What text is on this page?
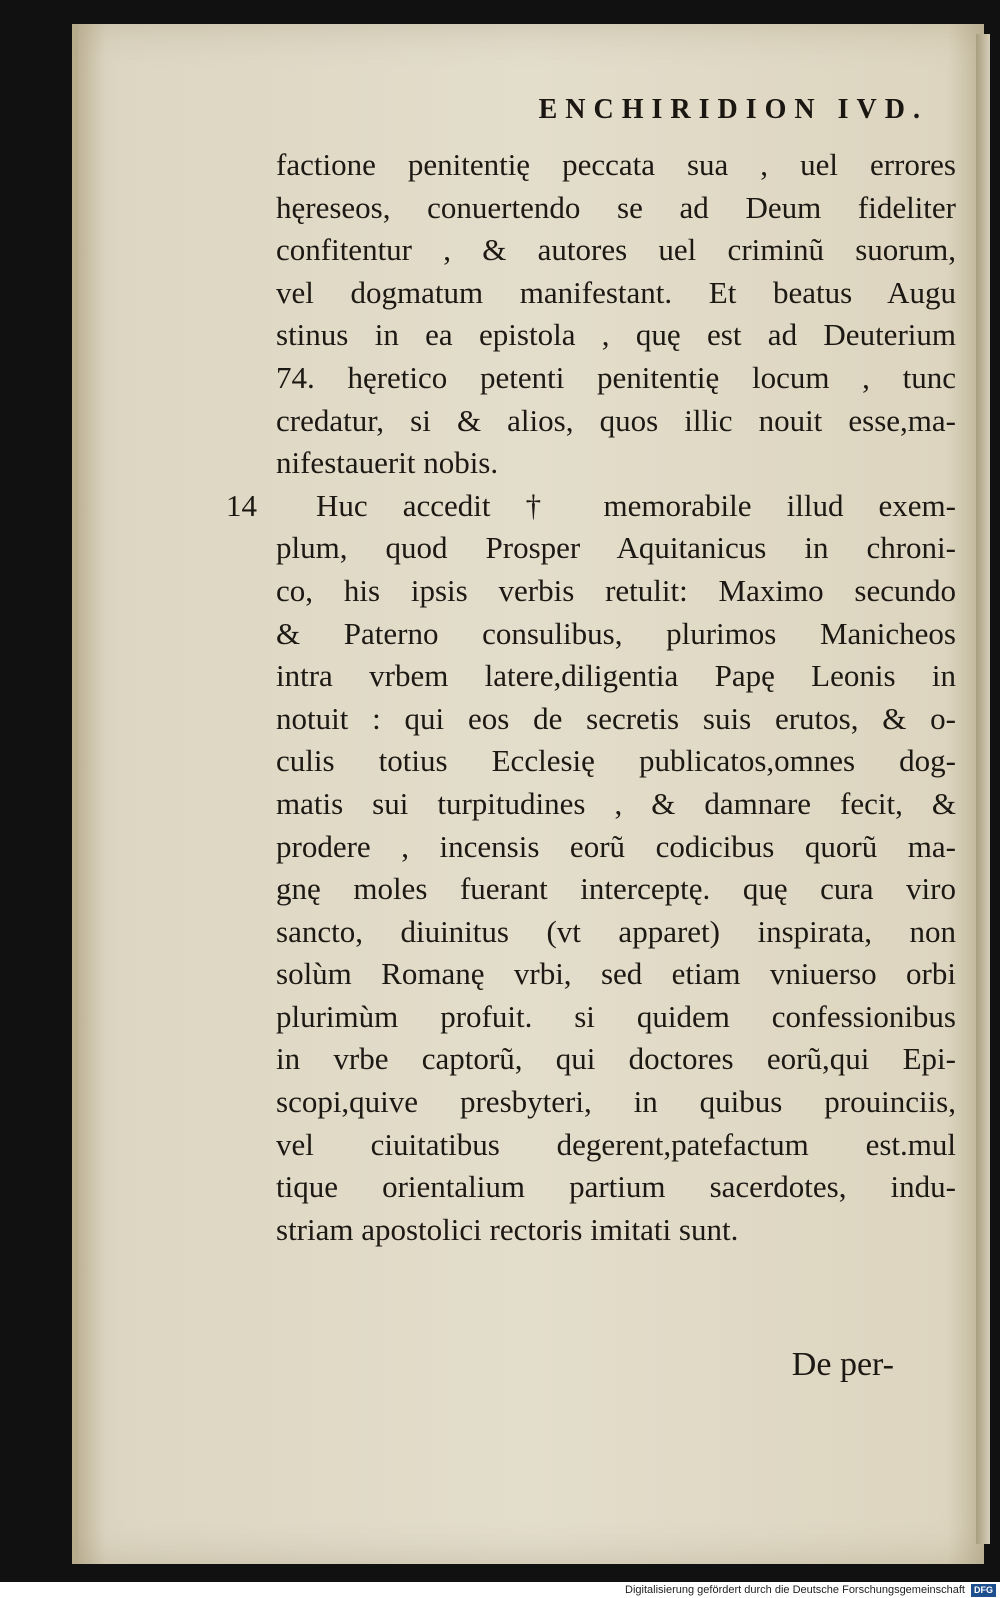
ENCHIRIDION IVD.
factione penitentię peccata sua , uel errores
hęreseos, conuertendo se ad Deum fideliter
confitentur , & autores uel criminũ suorum,
vel dogmatum manifestant. Et beatus Augu
stinus in ea epistola , quę est ad Deuterium
74. hęretico petenti penitentię locum , tunc
credatur, si & alios, quos illic nouit esse,ma-
nifestauerit nobis.
14	Huc accedit † memorabile illud exem-
plum, quod Prosper Aquitanicus in chroni-
co, his ipsis verbis retulit: Maximo secundo
& Paterno consulibus, plurimos Manicheos
intra vrbem latere,diligentia Papę Leonis in
notuit : qui eos de secretis suis erutos, & o-
culis totius Ecclesię publicatos,omnes dog-
matis sui turpitudines , & damnare fecit, &
prodere , incensis eorũ codicibus quorũ ma-
gnę moles fuerant interceptę. quę cura viro
sancto, diuinitus (vt apparet) inspirata, non
solùm Romanę vrbi, sed etiam vniuerso orbi
plurimùm profuit. si quidem confessionibus
in vrbe captorũ, qui doctores eorũ,qui Epi-
scopi,quive presbyteri, in quibus prouinciis,
vel ciuitatibus degerent,patefactum est.mul
tique orientalium partium sacerdotes, indu-
striam apostolici rectoris imitati sunt.
De per-
Digitalisierung gefördert durch die Deutsche Forschungsgemeinschaft	DFG
